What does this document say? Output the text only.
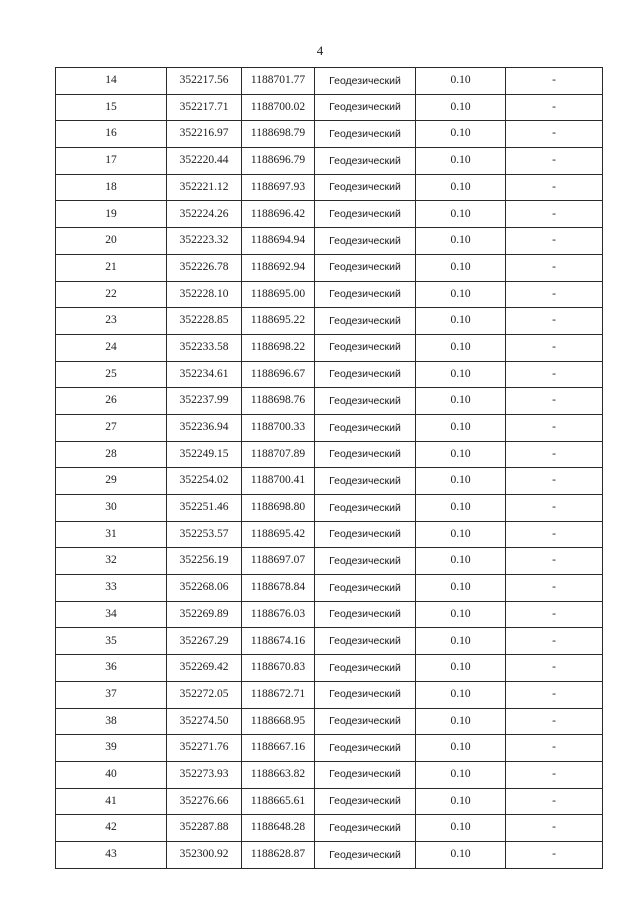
4
14	352217.56	1188701.77	Геодезический	0.10	-
15	352217.71	1188700.02	Геодезический	0.10	-
16	352216.97	1188698.79	Геодезический	0.10	-
17	352220.44	1188696.79	Геодезический	0.10	-
18	352221.12	1188697.93	Геодезический	0.10	-
19	352224.26	1188696.42	Геодезический	0.10	-
20	352223.32	1188694.94	Геодезический	0.10	-
21	352226.78	1188692.94	Геодезический	0.10	-
22	352228.10	1188695.00	Геодезический	0.10	-
23	352228.85	1188695.22	Геодезический	0.10	-
24	352233.58	1188698.22	Геодезический	0.10	-
25	352234.61	1188696.67	Геодезический	0.10	-
26	352237.99	1188698.76	Геодезический	0.10	-
27	352236.94	1188700.33	Геодезический	0.10	-
28	352249.15	1188707.89	Геодезический	0.10	-
29	352254.02	1188700.41	Геодезический	0.10	-
30	352251.46	1188698.80	Геодезический	0.10	-
31	352253.57	1188695.42	Геодезический	0.10	-
32	352256.19	1188697.07	Геодезический	0.10	-
33	352268.06	1188678.84	Геодезический	0.10	-
34	352269.89	1188676.03	Геодезический	0.10	-
35	352267.29	1188674.16	Геодезический	0.10	-
36	352269.42	1188670.83	Геодезический	0.10	-
37	352272.05	1188672.71	Геодезический	0.10	-
38	352274.50	1188668.95	Геодезический	0.10	-
39	352271.76	1188667.16	Геодезический	0.10	-
40	352273.93	1188663.82	Геодезический	0.10	-
41	352276.66	1188665.61	Геодезический	0.10	-
42	352287.88	1188648.28	Геодезический	0.10	-
43	352300.92	1188628.87	Геодезический	0.10	-
